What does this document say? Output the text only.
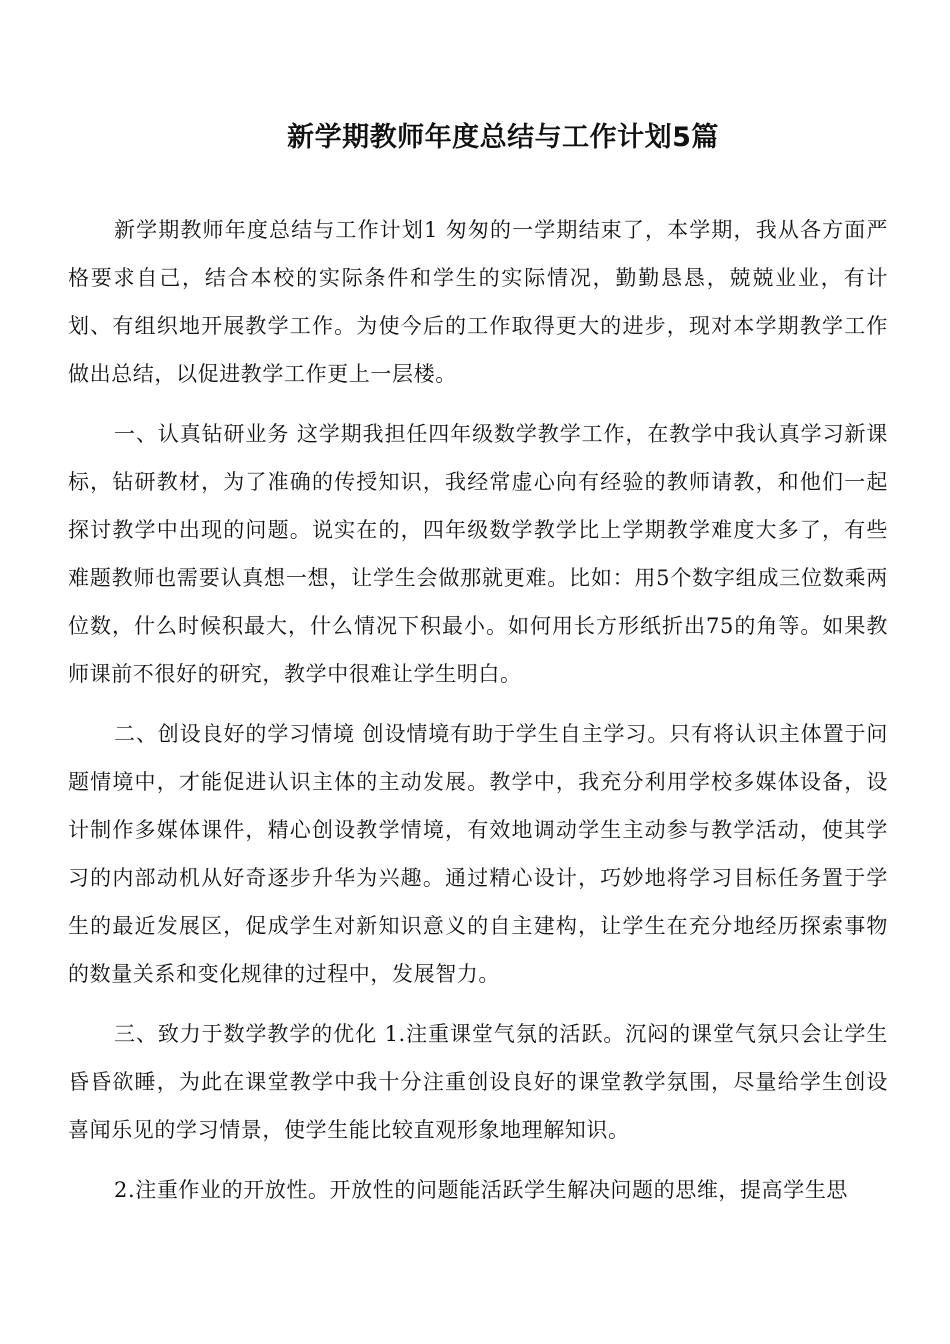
新学期教师年度总结与工作计划5篇

新学期教师年度总结与工作计划1 匆匆的一学期结束了，本学期，我从各方面严格要求自己，结合本校的实际条件和学生的实际情况，勤勤恳恳，兢兢业业，有计划、有组织地开展教学工作。为使今后的工作取得更大的进步，现对本学期教学工作做出总结，以促进教学工作更上一层楼。

一、认真钻研业务 这学期我担任四年级数学教学工作，在教学中我认真学习新课标，钻研教材，为了准确的传授知识，我经常虚心向有经验的教师请教，和他们一起探讨教学中出现的问题。说实在的，四年级数学教学比上学期教学难度大多了，有些难题教师也需要认真想一想，让学生会做那就更难。比如：用5个数字组成三位数乘两位数，什么时候积最大，什么情况下积最小。如何用长方形纸折出75的角等。如果教师课前不很好的研究，教学中很难让学生明白。

二、创设良好的学习情境 创设情境有助于学生自主学习。只有将认识主体置于问题情境中，才能促进认识主体的主动发展。教学中，我充分利用学校多媒体设备，设计制作多媒体课件，精心创设教学情境，有效地调动学生主动参与教学活动，使其学习的内部动机从好奇逐步升华为兴趣。通过精心设计，巧妙地将学习目标任务置于学生的最近发展区，促成学生对新知识意义的自主建构，让学生在充分地经历探索事物的数量关系和变化规律的过程中，发展智力。

三、致力于数学教学的优化 1.注重课堂气氛的活跃。沉闷的课堂气氛只会让学生昏昏欲睡，为此在课堂教学中我十分注重创设良好的课堂教学氛围，尽量给学生创设喜闻乐见的学习情景，使学生能比较直观形象地理解知识。

2.注重作业的开放性。开放性的问题能活跃学生解决问题的思维，提高学生思
